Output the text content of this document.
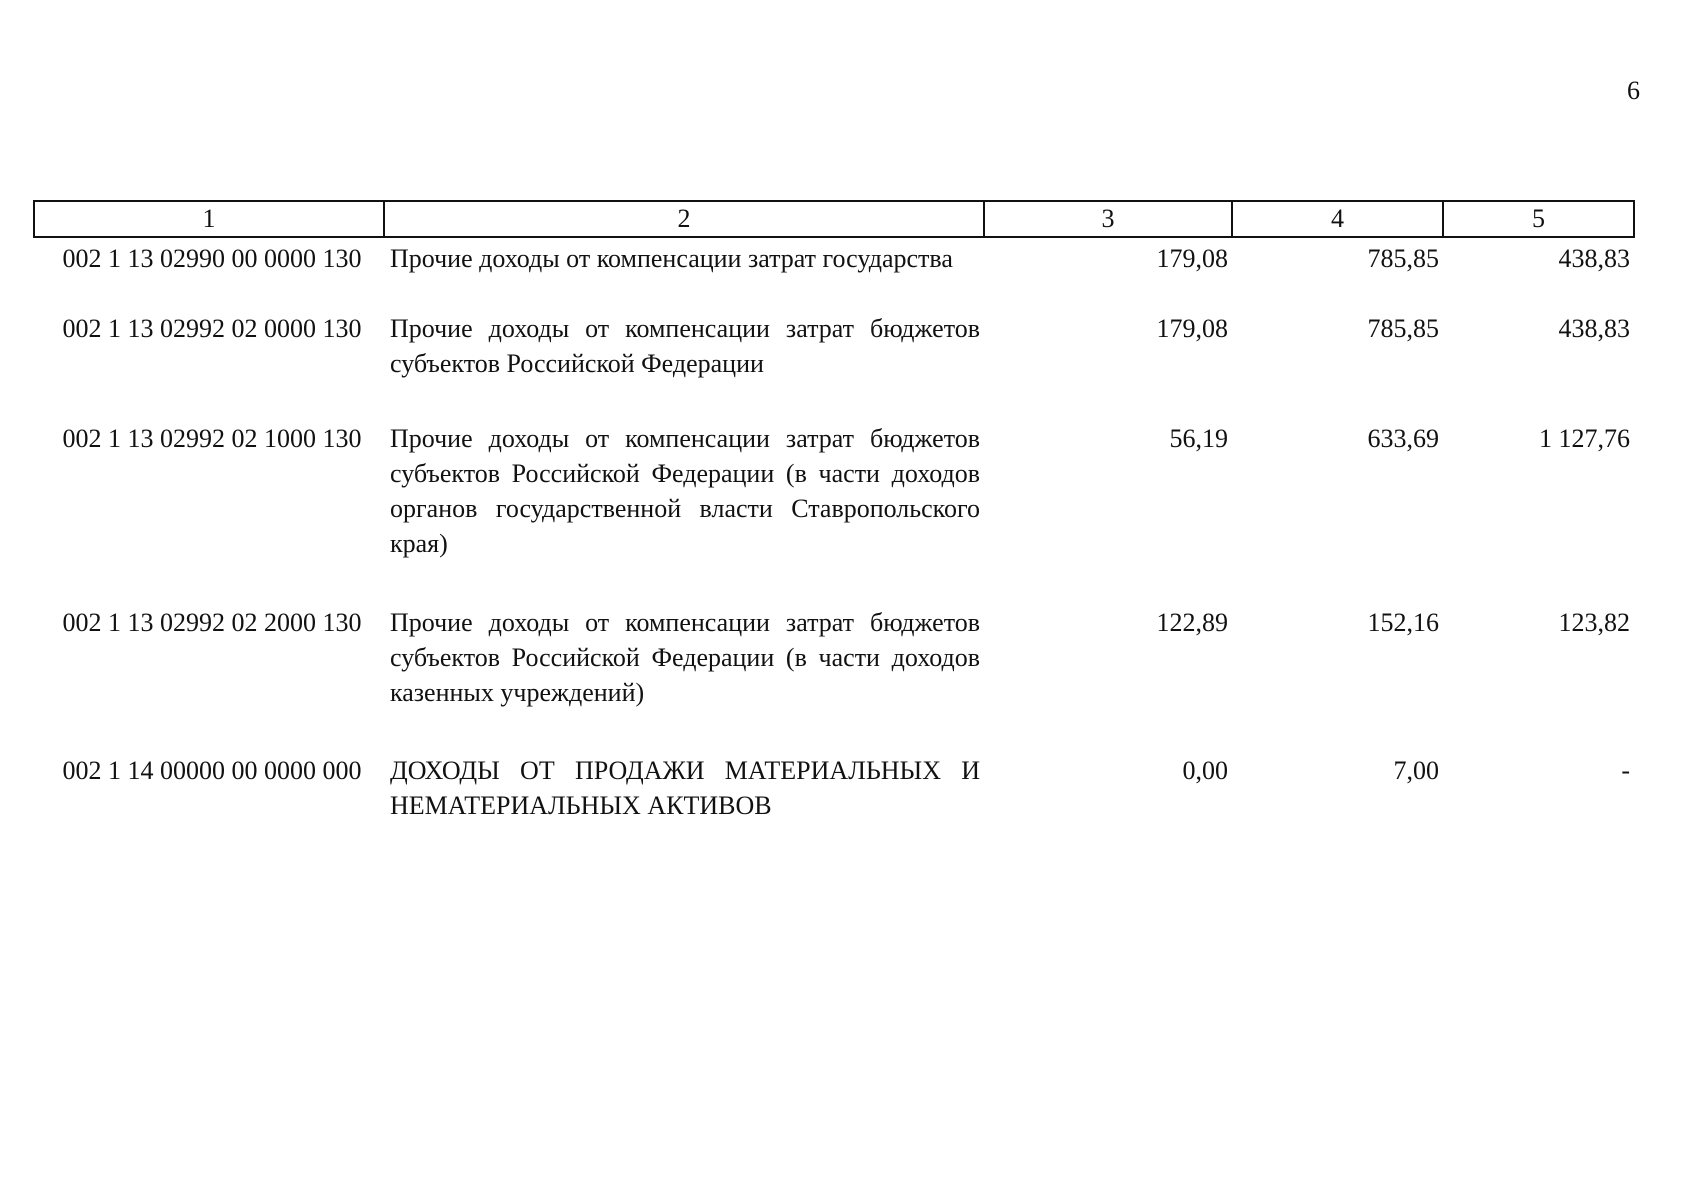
6
1	2	3	4	5
002 1 13 02990 00 0000 130	Прочие доходы от компенсации затрат государства	179,08	785,85	438,83
002 1 13 02992 02 0000 130	Прочие доходы от компенсации затрат бюджетов субъектов Российской Федерации	179,08	785,85	438,83
002 1 13 02992 02 1000 130	Прочие доходы от компенсации затрат бюджетов субъектов Российской Федерации (в части доходов органов государственной власти Ставропольского края)	56,19	633,69	1 127,76
002 1 13 02992 02 2000 130	Прочие доходы от компенсации затрат бюджетов субъектов Российской Федерации (в части доходов казенных учреждений)	122,89	152,16	123,82
002 1 14 00000 00 0000 000	ДОХОДЫ ОТ ПРОДАЖИ МАТЕРИАЛЬНЫХ И НЕМАТЕРИАЛЬНЫХ АКТИВОВ	0,00	7,00	-
